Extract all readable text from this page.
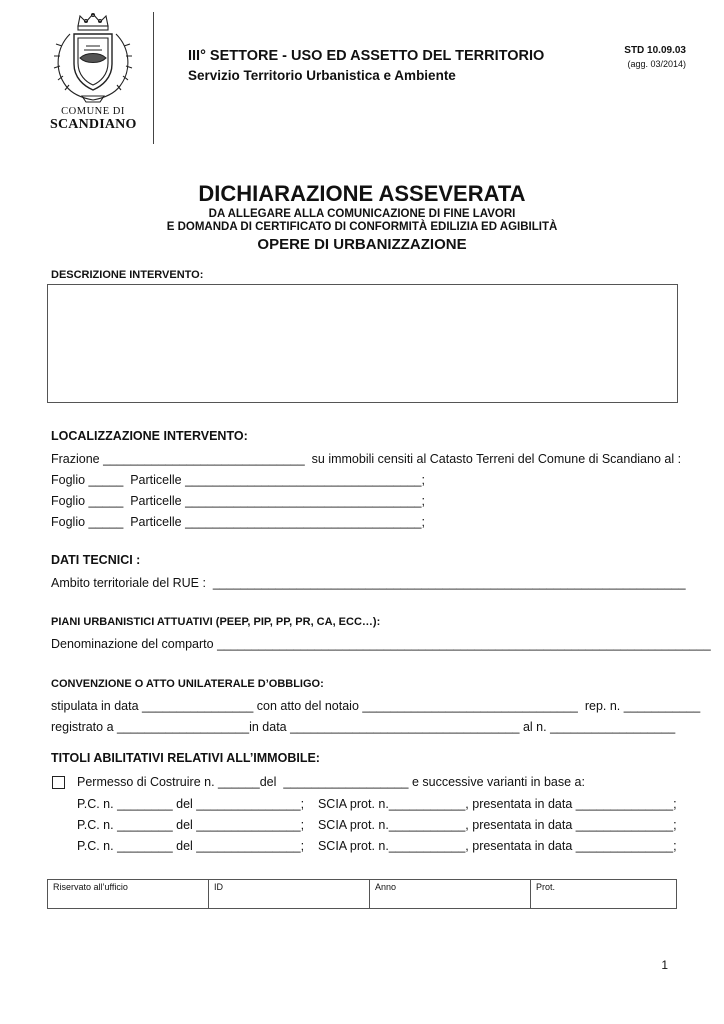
COMUNE DI
SCANDIANO
III° SETTORE - USO ED ASSETTO DEL TERRITORIO
Servizio Territorio Urbanistica e Ambiente
STD 10.09.03
(agg. 03/2014)
DICHIARAZIONE ASSEVERATA
DA ALLEGARE ALLA COMUNICAZIONE DI FINE LAVORI
E DOMANDA DI CERTIFICATO DI CONFORMITÀ EDILIZIA ED AGIBILITÀ
OPERE DI URBANIZZAZIONE
DESCRIZIONE INTERVENTO:
LOCALIZZAZIONE INTERVENTO:
Frazione _____________________________  su immobili censiti al Catasto Terreni del Comune di Scandiano al :
Foglio _____  Particelle __________________________________;
Foglio _____  Particelle __________________________________;
Foglio _____  Particelle __________________________________;
DATI TECNICI :
Ambito territoriale del RUE :  ____________________________________________________________________
PIANI URBANISTICI ATTUATIVI (PEEP, PIP, PP, PR, CA, ECC…):
Denominazione del comparto _______________________________________________________________________
CONVENZIONE O ATTO UNILATERALE D’OBBLIGO:
stipulata in data ________________ con atto del notaio _______________________________  rep. n. ___________
registrato a ___________________in data _________________________________ al n. __________________
TITOLI ABILITATIVI RELATIVI ALL’IMMOBILE:
Permesso di Costruire n. ______del  __________________ e successive varianti in base a:
P.C. n. ________ del _______________;    SCIA prot. n.___________, presentata in data ______________;
P.C. n. ________ del _______________;    SCIA prot. n.___________, presentata in data ______________;
P.C. n. ________ del _______________;    SCIA prot. n.___________, presentata in data ______________;
Riservato all’ufficio	ID	Anno	Prot.
1
